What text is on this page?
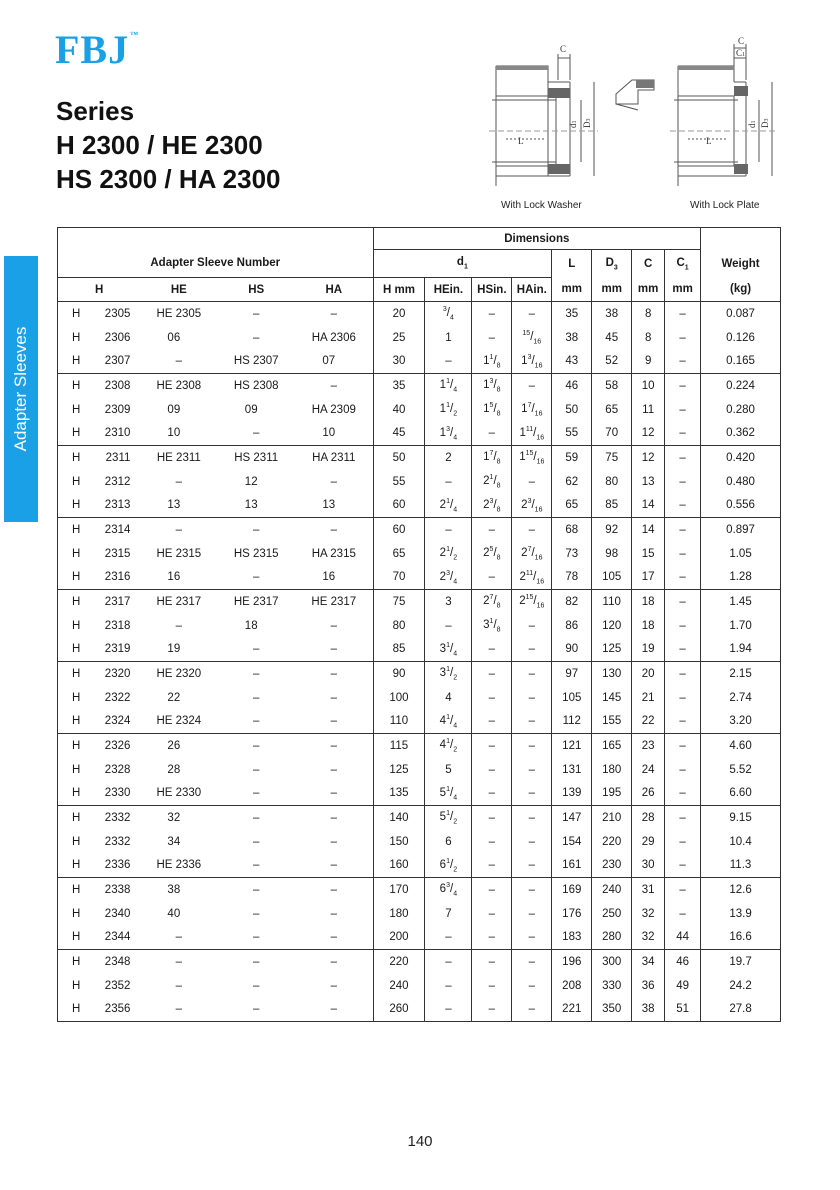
FBJ™
Series
H 2300 / HE 2300
HS 2300 / HA 2300
Adapter Sleeves
C
L
d1 D3
With Lock Washer
C
C1
L
d1 D3
With Lock Plate
				Dimensions								
Adapter Sleeve Number				$d_1$				L	$D_3$	C	$C_1$	Weight
H	HE	HS	HA	H mm	HEin.	HSin.	HAin.	mm	mm	mm	mm	(kg)

H 2305	HE 2305	–	–	20	$^3/_4$	–	–	35	38	8	–	0.087

H 2306	06	–	HA 2306	25	1	–	$^{15}/_{16}$	38	45	8	–	0.126

H 2307	–	HS 2307	07	30	–	$1^1/_8$	$1^3/_{16}$	43	52	9	–	0.165

H 2308	HE 2308	HS 2308	–	35	$1^1/_4$	$1^3/_8$	–	46	58	10	–	0.224

H 2309	09	09	HA 2309	40	$1^1/_2$	$1^5/_8$	$1^7/_{16}$	50	65	11	–	0.280

H 2310	10	–	10	45	$1^3/_4$	–	$1^{11}/_{16}$	55	70	12	–	0.362

H 2311	HE 2311	HS 2311	HA 2311	50	2	$1^7/_8$	$1^{15}/_{16}$	59	75	12	–	0.420

H 2312	–	12	–	55	–	$2^1/_8$	–	62	80	13	–	0.480

H 2313	13	13	13	60	$2^1/_4$	$2^3/_8$	$2^3/_{16}$	65	85	14	–	0.556

H 2314	–	–	–	60	–	–	–	68	92	14	–	0.897

H 2315	HE 2315	HS 2315	HA 2315	65	$2^1/_2$	$2^5/_8$	$2^7/_{16}$	73	98	15	–	1.05

H 2316	16	–	16	70	$2^3/_4$	–	$2^{11}/_{16}$	78	105	17	–	1.28

H 2317	HE 2317	HE 2317	HE 2317	75	3	$2^7/_8$	$2^{15}/_{16}$	82	110	18	–	1.45

H 2318	–	18	–	80	–	$3^1/_8$	–	86	120	18	–	1.70

H 2319	19	–	–	85	$3^1/_4$	–	–	90	125	19	–	1.94

H 2320	HE 2320	–	–	90	$3^1/_2$	–	–	97	130	20	–	2.15

H 2322	22	–	–	100	4	–	–	105	145	21	–	2.74

H 2324	HE 2324	–	–	110	$4^1/_4$	–	–	112	155	22	–	3.20

H 2326	26	–	–	115	$4^1/_2$	–	–	121	165	23	–	4.60

H 2328	28	–	–	125	5	–	–	131	180	24	–	5.52

H 2330	HE 2330	–	–	135	$5^1/_4$	–	–	139	195	26	–	6.60

H 2332	32	–	–	140	$5^1/_2$	–	–	147	210	28	–	9.15

H 2332	34	–	–	150	6	–	–	154	220	29	–	10.4

H 2336	HE 2336	–	–	160	$6^1/_2$	–	–	161	230	30	–	11.3

H 2338	38	–	–	170	$6^3/_4$	–	–	169	240	31	–	12.6

H 2340	40	–	–	180	7	–	–	176	250	32	–	13.9

H 2344	–	–	–	200	–	–	–	183	280	32	44	16.6

H 2348	–	–	–	220	–	–	–	196	300	34	46	19.7

H 2352	–	–	–	240	–	–	–	208	330	36	49	24.2

H 2356	–	–	–	260	–	–	–	221	350	38	51	27.8
140
